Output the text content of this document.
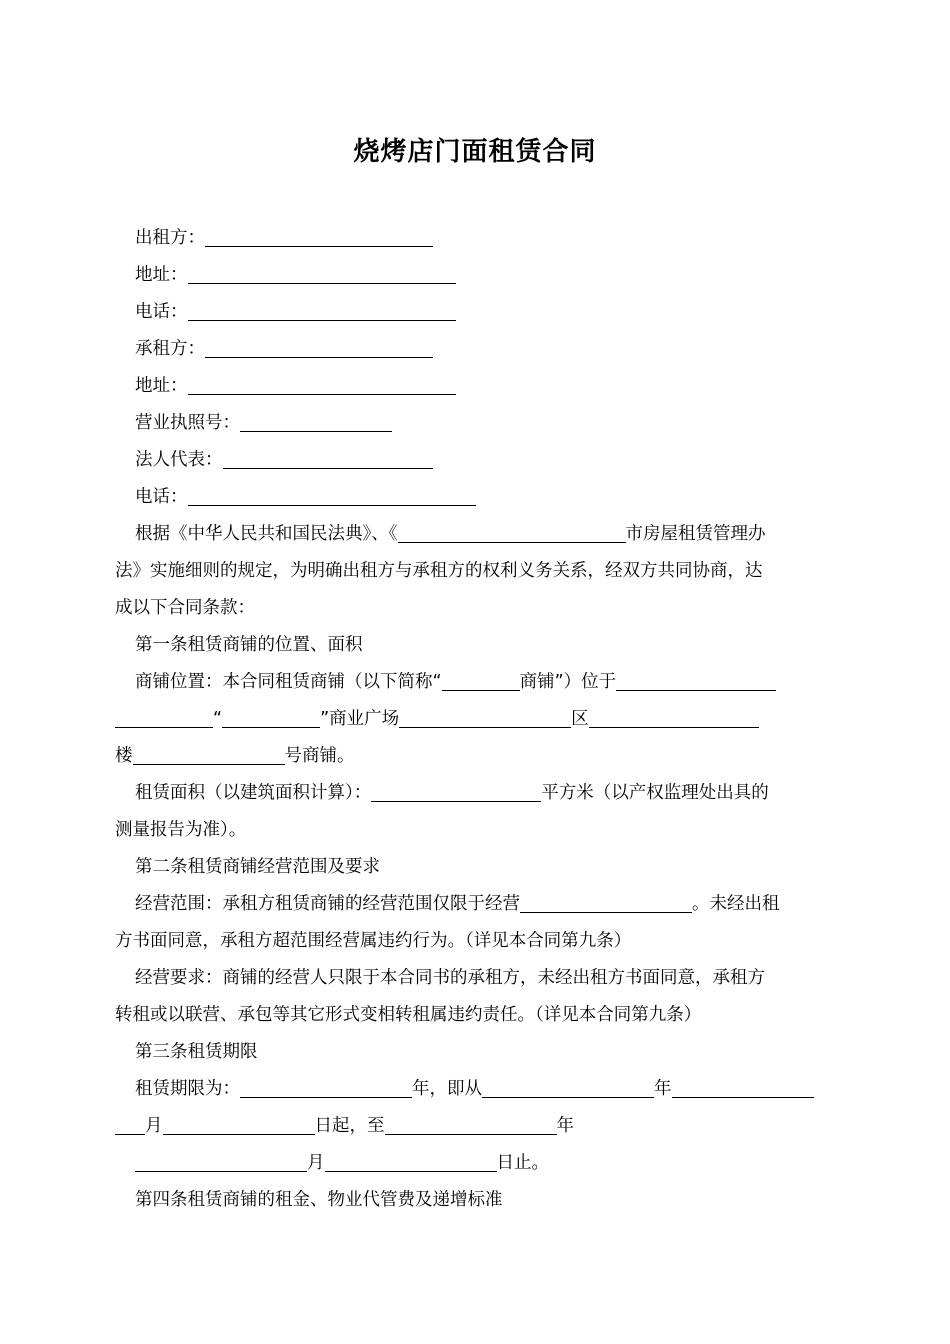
烧烤店门面租赁合同
出租方：
地址：
电话：
承租方：
地址：
营业执照号：
法人代表：
电话：
根据《中华人民共和国民法典》、《	市房屋租赁管理办
法》实施细则的规定，为明确出租方与承租方的权利义务关系，经双方共同协商，达
成以下合同条款：
第一条租赁商铺的位置、面积
商铺位置：本合同租赁商铺（以下简称“	商铺”）位于
“	”商业广场	区
楼	号商铺。
租赁面积（以建筑面积计算）：	平方米（以产权监理处出具的
测量报告为准）。
第二条租赁商铺经营范围及要求
经营范围：承租方租赁商铺的经营范围仅限于经营	。未经出租
方书面同意，承租方超范围经营属违约行为。（详见本合同第九条）
经营要求：商铺的经营人只限于本合同书的承租方，未经出租方书面同意，承租方
转租或以联营、承包等其它形式变相转租属违约责任。（详见本合同第九条）
第三条租赁期限
租赁期限为：	年，即从	年
月	日起，至	年
月	日止。
第四条租赁商铺的租金、物业代管费及递增标准
